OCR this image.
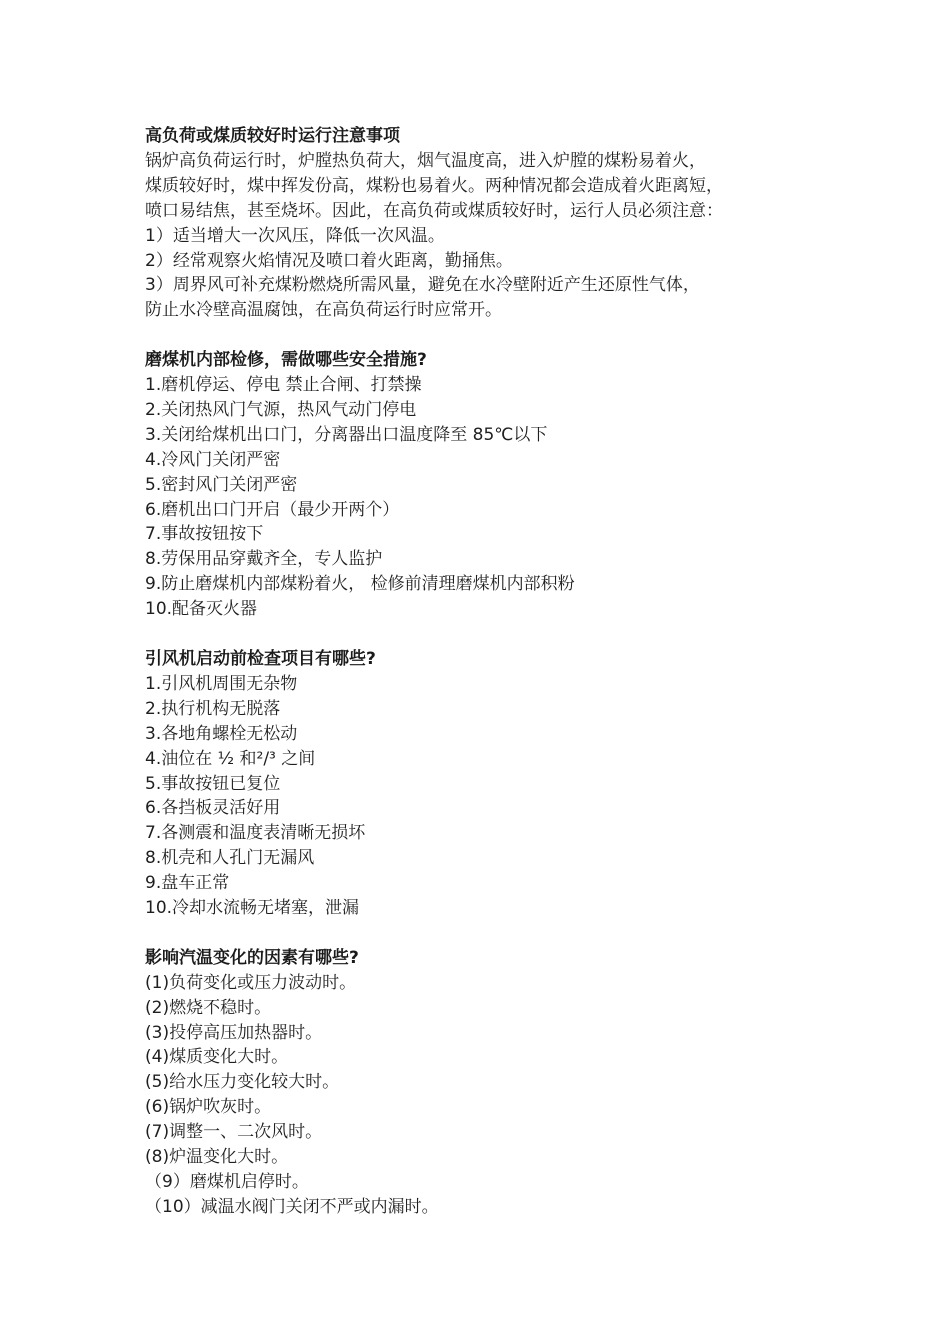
高负荷或煤质较好时运行注意事项
锅炉高负荷运行时，炉膛热负荷大，烟气温度高，进入炉膛的煤粉易着火，
煤质较好时，煤中挥发份高，煤粉也易着火。两种情况都会造成着火距离短，
喷口易结焦，甚至烧坏。因此，在高负荷或煤质较好时，运行人员必须注意：
1）适当增大一次风压，降低一次风温。
2）经常观察火焰情况及喷口着火距离，勤捅焦。
3）周界风可补充煤粉燃烧所需风量，避免在水冷壁附近产生还原性气体，
防止水冷壁高温腐蚀，在高负荷运行时应常开。
磨煤机内部检修，需做哪些安全措施?
1.磨机停运、停电 禁止合闸、打禁操
2.关闭热风门气源，热风气动门停电
3.关闭给煤机出口门，分离器出口温度降至 85℃以下
4.冷风门关闭严密
5.密封风门关闭严密
6.磨机出口门开启（最少开两个）
7.事故按钮按下
8.劳保用品穿戴齐全，专人监护
9.防止磨煤机内部煤粉着火， 检修前清理磨煤机内部积粉
10.配备灭火器
引风机启动前检查项目有哪些?
1.引风机周围无杂物
2.执行机构无脱落
3.各地角螺栓无松动
4.油位在 ½ 和²/³ 之间
5.事故按钮已复位
6.各挡板灵活好用
7.各测震和温度表清晰无损坏
8.机壳和人孔门无漏风
9.盘车正常
10.冷却水流畅无堵塞，泄漏
影响汽温变化的因素有哪些?
(1)负荷变化或压力波动时。
(2)燃烧不稳时。
(3)投停高压加热器时。
(4)煤质变化大时。
(5)给水压力变化较大时。
(6)锅炉吹灰时。
(7)调整一、二次风时。
(8)炉温变化大时。
（9）磨煤机启停时。
（10）减温水阀门关闭不严或内漏时。
